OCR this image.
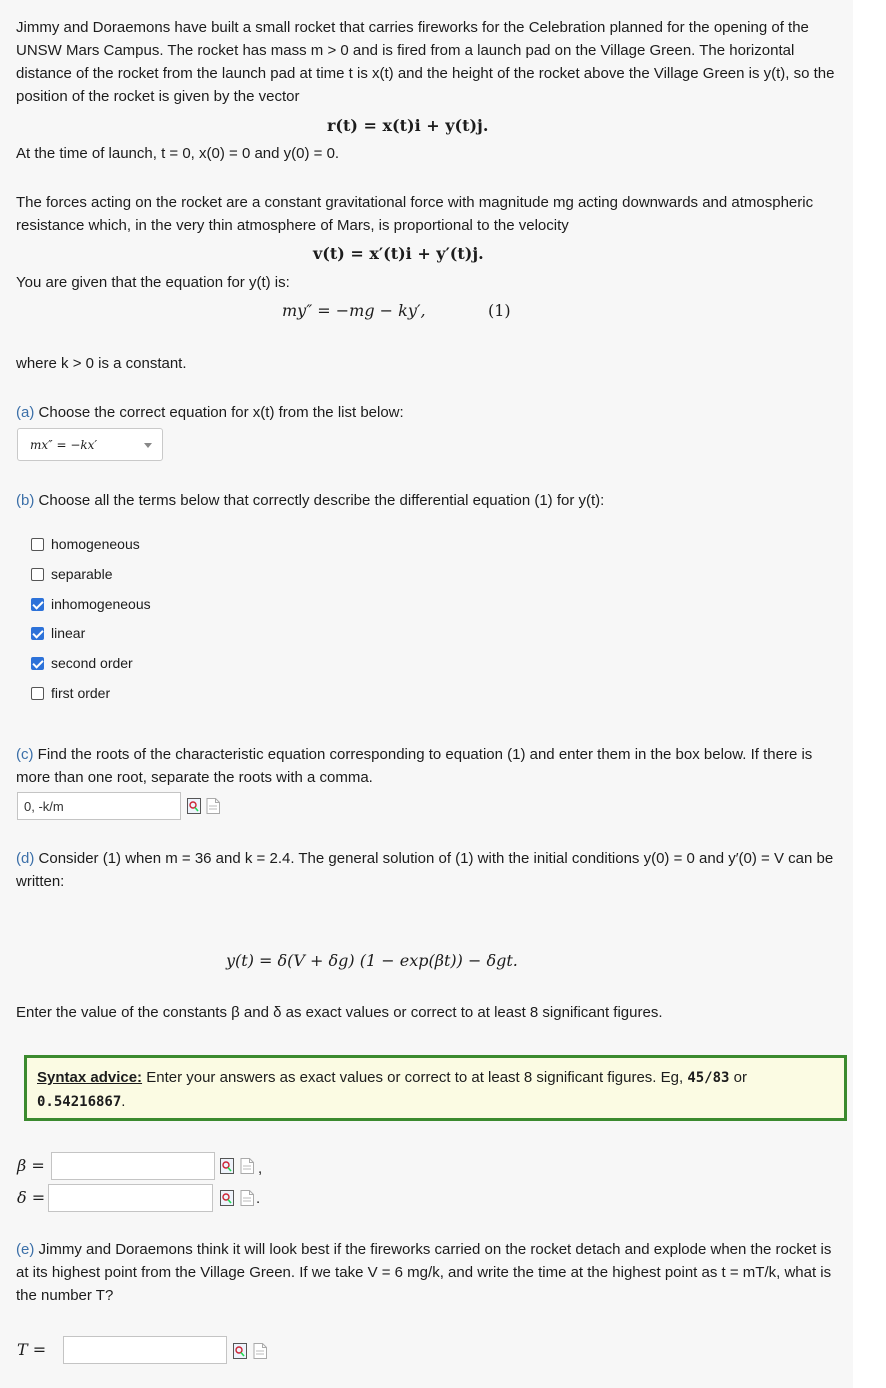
Jimmy and Doraemons have built a small rocket that carries fireworks for the Celebration planned for the opening of the UNSW Mars Campus. The rocket has mass m > 0 and is fired from a launch pad on the Village Green. The horizontal distance of the rocket from the launch pad at time t is x(t) and the height of the rocket above the Village Green is y(t), so the position of the rocket is given by the vector
r(t) = x(t)i + y(t)j.
At the time of launch, t = 0, x(0) = 0 and y(0) = 0.
The forces acting on the rocket are a constant gravitational force with magnitude mg acting downwards and atmospheric resistance which, in the very thin atmosphere of Mars, is proportional to the velocity
v(t) = x′(t)i + y′(t)j.
You are given that the equation for y(t) is:
my″ = −mg − ky′,	(1)
where k > 0 is a constant.
(a) Choose the correct equation for x(t) from the list below:
mx″ = −kx′
(b) Choose all the terms below that correctly describe the differential equation (1) for y(t):
homogeneous
separable
inhomogeneous
linear
second order
first order
(c) Find the roots of the characteristic equation corresponding to equation (1) and enter them in the box below. If there is more than one root, separate the roots with a comma.
0, -k/m
(d) Consider (1) when m = 36 and k = 2.4. The general solution of (1) with the initial conditions y(0) = 0 and y′(0) = V can be written:
y(t) = δ(V + δg) (1 − exp(βt)) − δgt.
Enter the value of the constants β and δ as exact values or correct to at least 8 significant figures.
Syntax advice: Enter your answers as exact values or correct to at least 8 significant figures. Eg, 45/83 or
0.54216867.
β =	,
δ =	.
(e) Jimmy and Doraemons think it will look best if the fireworks carried on the rocket detach and explode when the rocket is at its highest point from the Village Green. If we take V = 6 mg/k, and write the time at the highest point as t = mT/k, what is the number T?
T =
